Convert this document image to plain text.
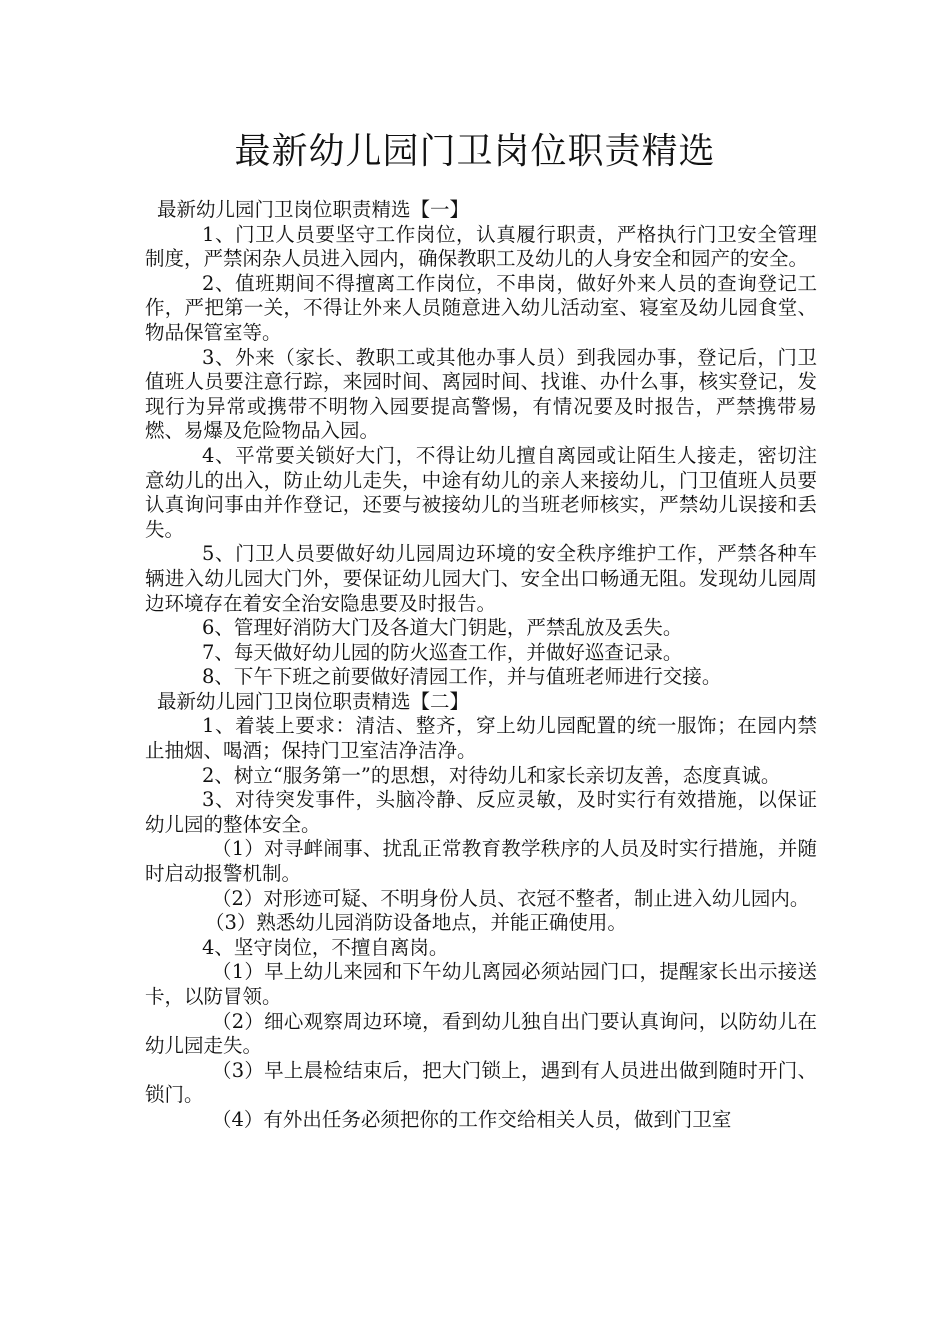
最新幼儿园门卫岗位职责精选

最新幼儿园门卫岗位职责精选【一】

1、门卫人员要坚守工作岗位，认真履行职责，严格执行门卫安全管理制度，严禁闲杂人员进入园内，确保教职工及幼儿的人身安全和园产的安全。

2、值班期间不得擅离工作岗位，不串岗，做好外来人员的查询登记工作，严把第一关，不得让外来人员随意进入幼儿活动室、寝室及幼儿园食堂、物品保管室等。

3、外来（家长、教职工或其他办事人员）到我园办事，登记后，门卫值班人员要注意行踪，来园时间、离园时间、找谁、办什么事，核实登记，发现行为异常或携带不明物入园要提高警惕，有情况要及时报告，严禁携带易燃、易爆及危险物品入园。

4、平常要关锁好大门，不得让幼儿擅自离园或让陌生人接走，密切注意幼儿的出入，防止幼儿走失，中途有幼儿的亲人来接幼儿，门卫值班人员要认真询问事由并作登记，还要与被接幼儿的当班老师核实，严禁幼儿误接和丢失。

5、门卫人员要做好幼儿园周边环境的安全秩序维护工作，严禁各种车辆进入幼儿园大门外，要保证幼儿园大门、安全出口畅通无阻。发现幼儿园周边环境存在着安全治安隐患要及时报告。

6、管理好消防大门及各道大门钥匙，严禁乱放及丢失。

7、每天做好幼儿园的防火巡查工作，并做好巡查记录。

8、下午下班之前要做好清园工作，并与值班老师进行交接。

最新幼儿园门卫岗位职责精选【二】

1、着装上要求：清洁、整齐，穿上幼儿园配置的统一服饰；在园内禁止抽烟、喝酒；保持门卫室洁净洁净。

2、树立“服务第一”的思想，对待幼儿和家长亲切友善，态度真诚。

3、对待突发事件，头脑冷静、反应灵敏，及时实行有效措施，以保证幼儿园的整体安全。

（1）对寻衅闹事、扰乱正常教育教学秩序的人员及时实行措施，并随时启动报警机制。

（2）对形迹可疑、不明身份人员、衣冠不整者，制止进入幼儿园内。

（3）熟悉幼儿园消防设备地点，并能正确使用。

4、坚守岗位，不擅自离岗。

（1）早上幼儿来园和下午幼儿离园必须站园门口，提醒家长出示接送卡，以防冒领。

（2）细心观察周边环境，看到幼儿独自出门要认真询问，以防幼儿在幼儿园走失。

（3）早上晨检结束后，把大门锁上，遇到有人员进出做到随时开门、锁门。

（4）有外出任务必须把你的工作交给相关人员，做到门卫室
